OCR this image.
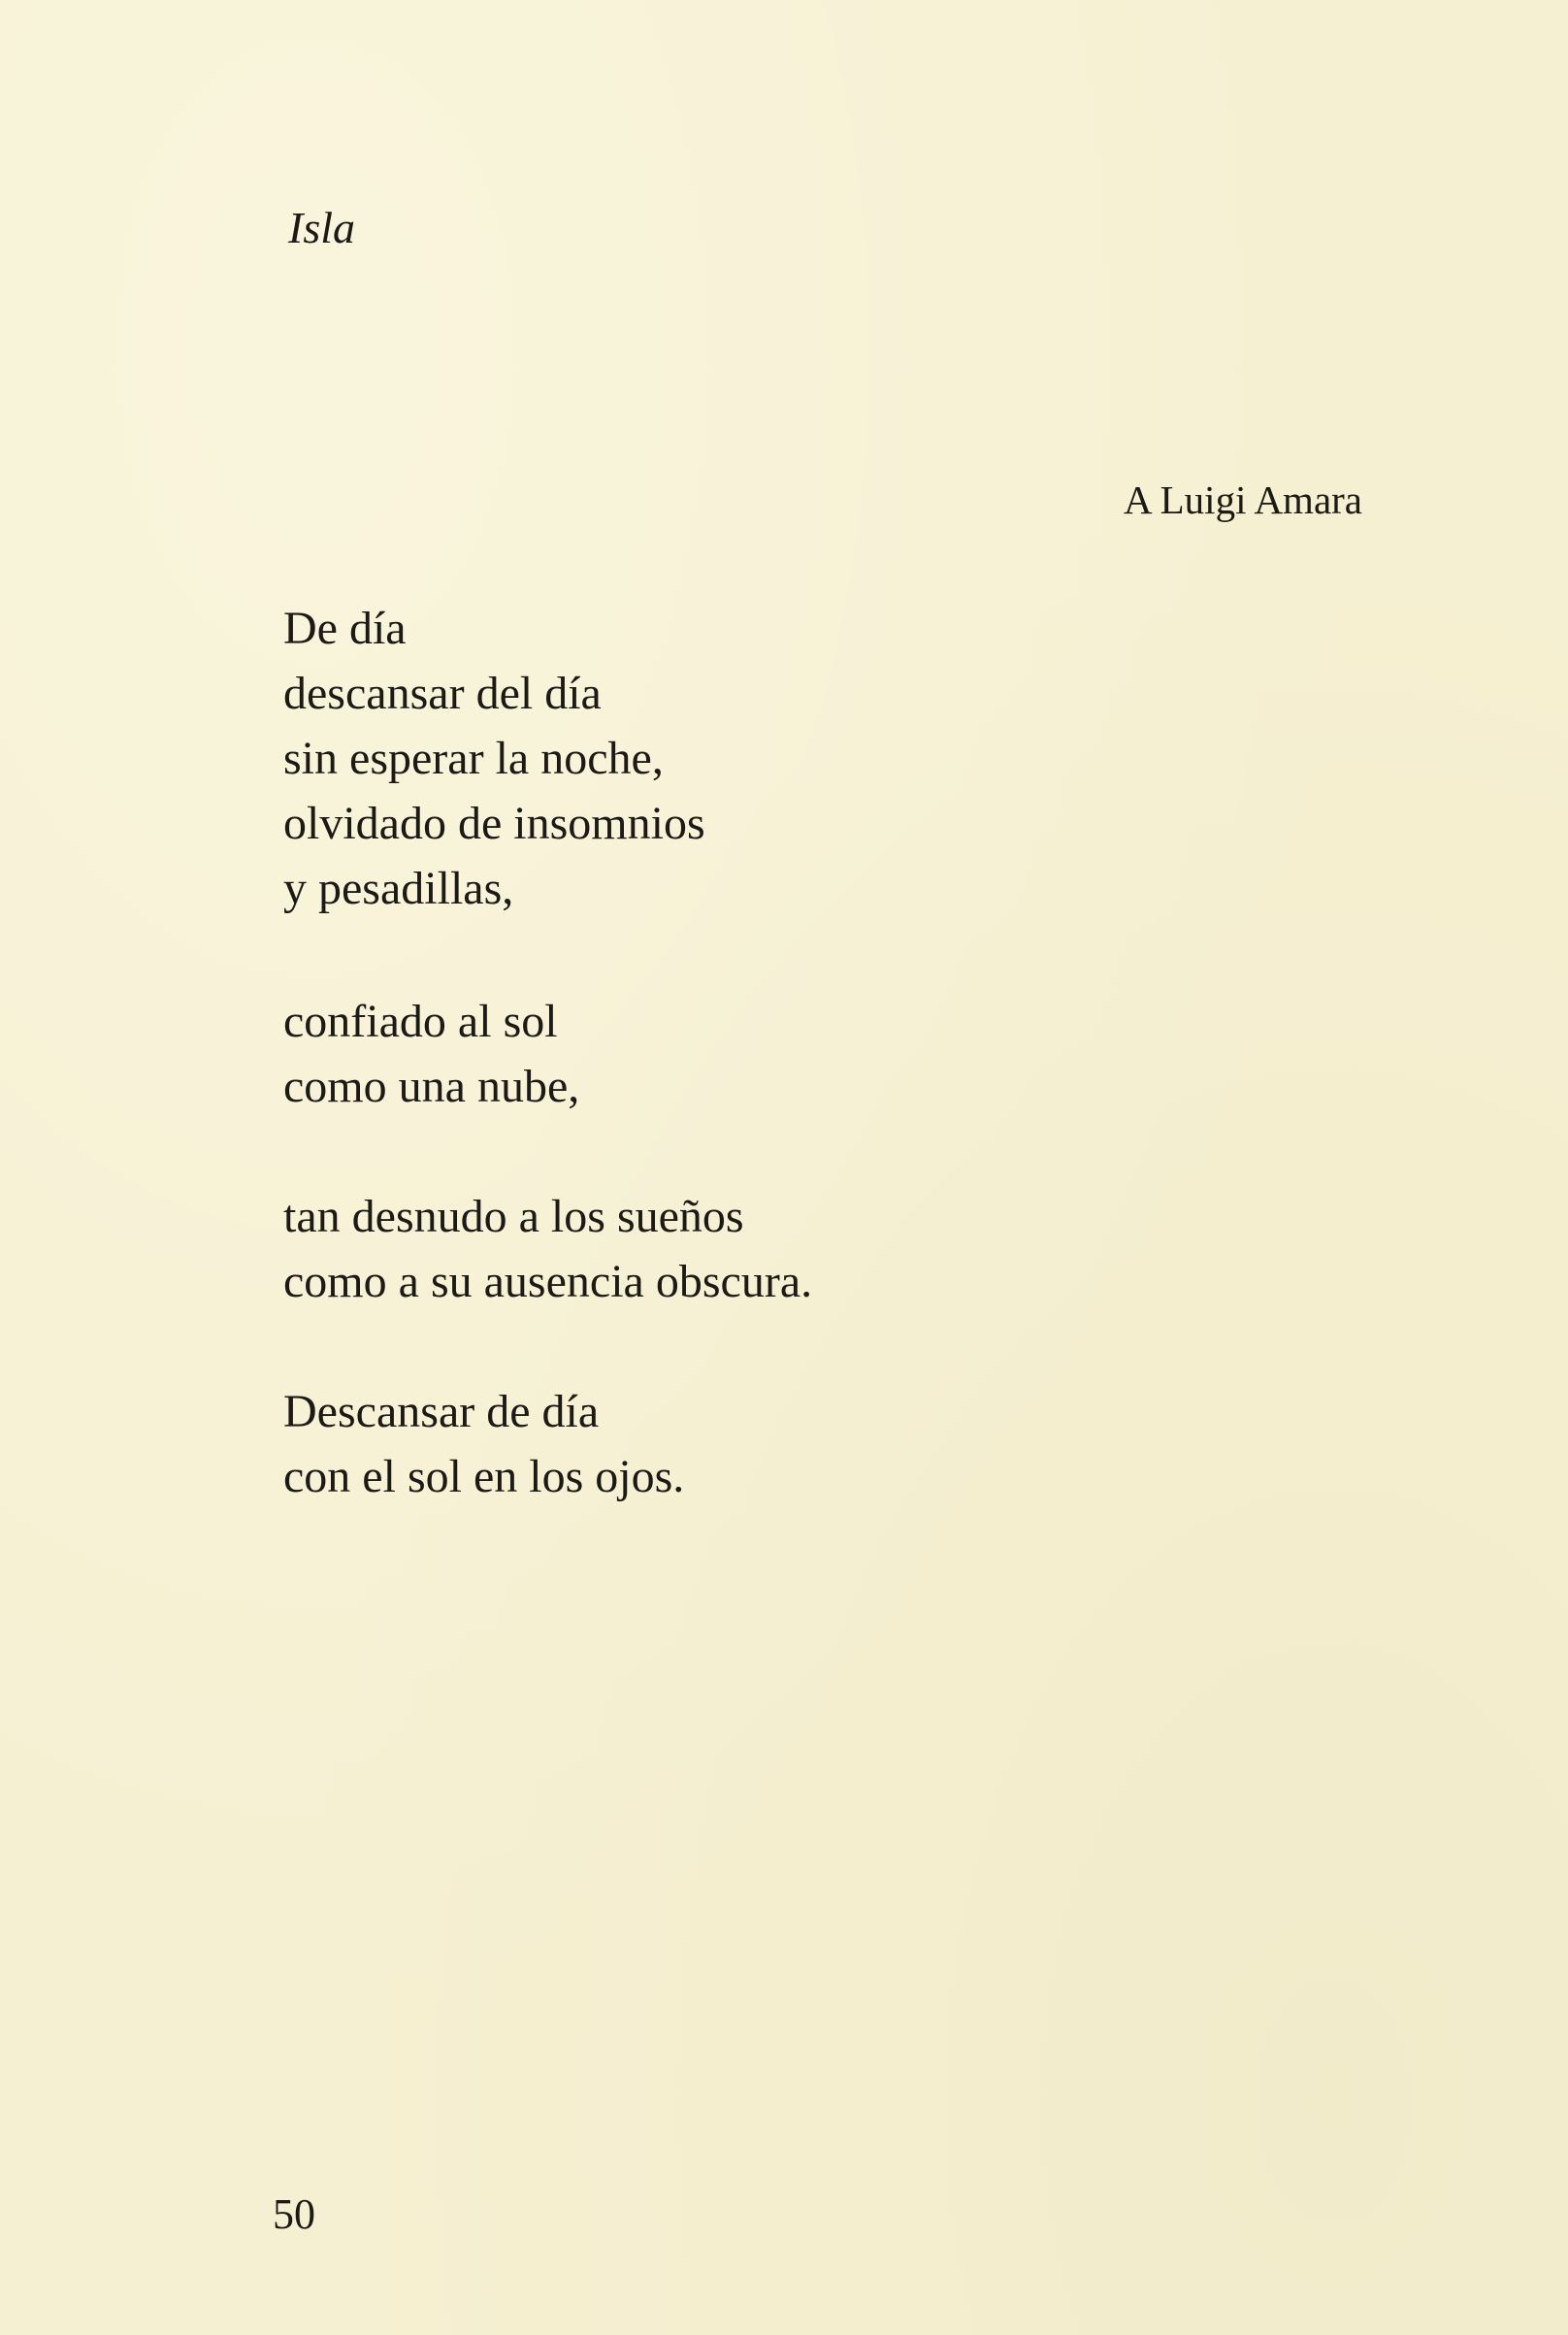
Isla
A Luigi Amara
De día
descansar del día
sin esperar la noche,
olvidado de insomnios
y pesadillas,
confiado al sol
como una nube,
tan desnudo a los sueños
como a su ausencia obscura.
Descansar de día
con el sol en los ojos.
50
